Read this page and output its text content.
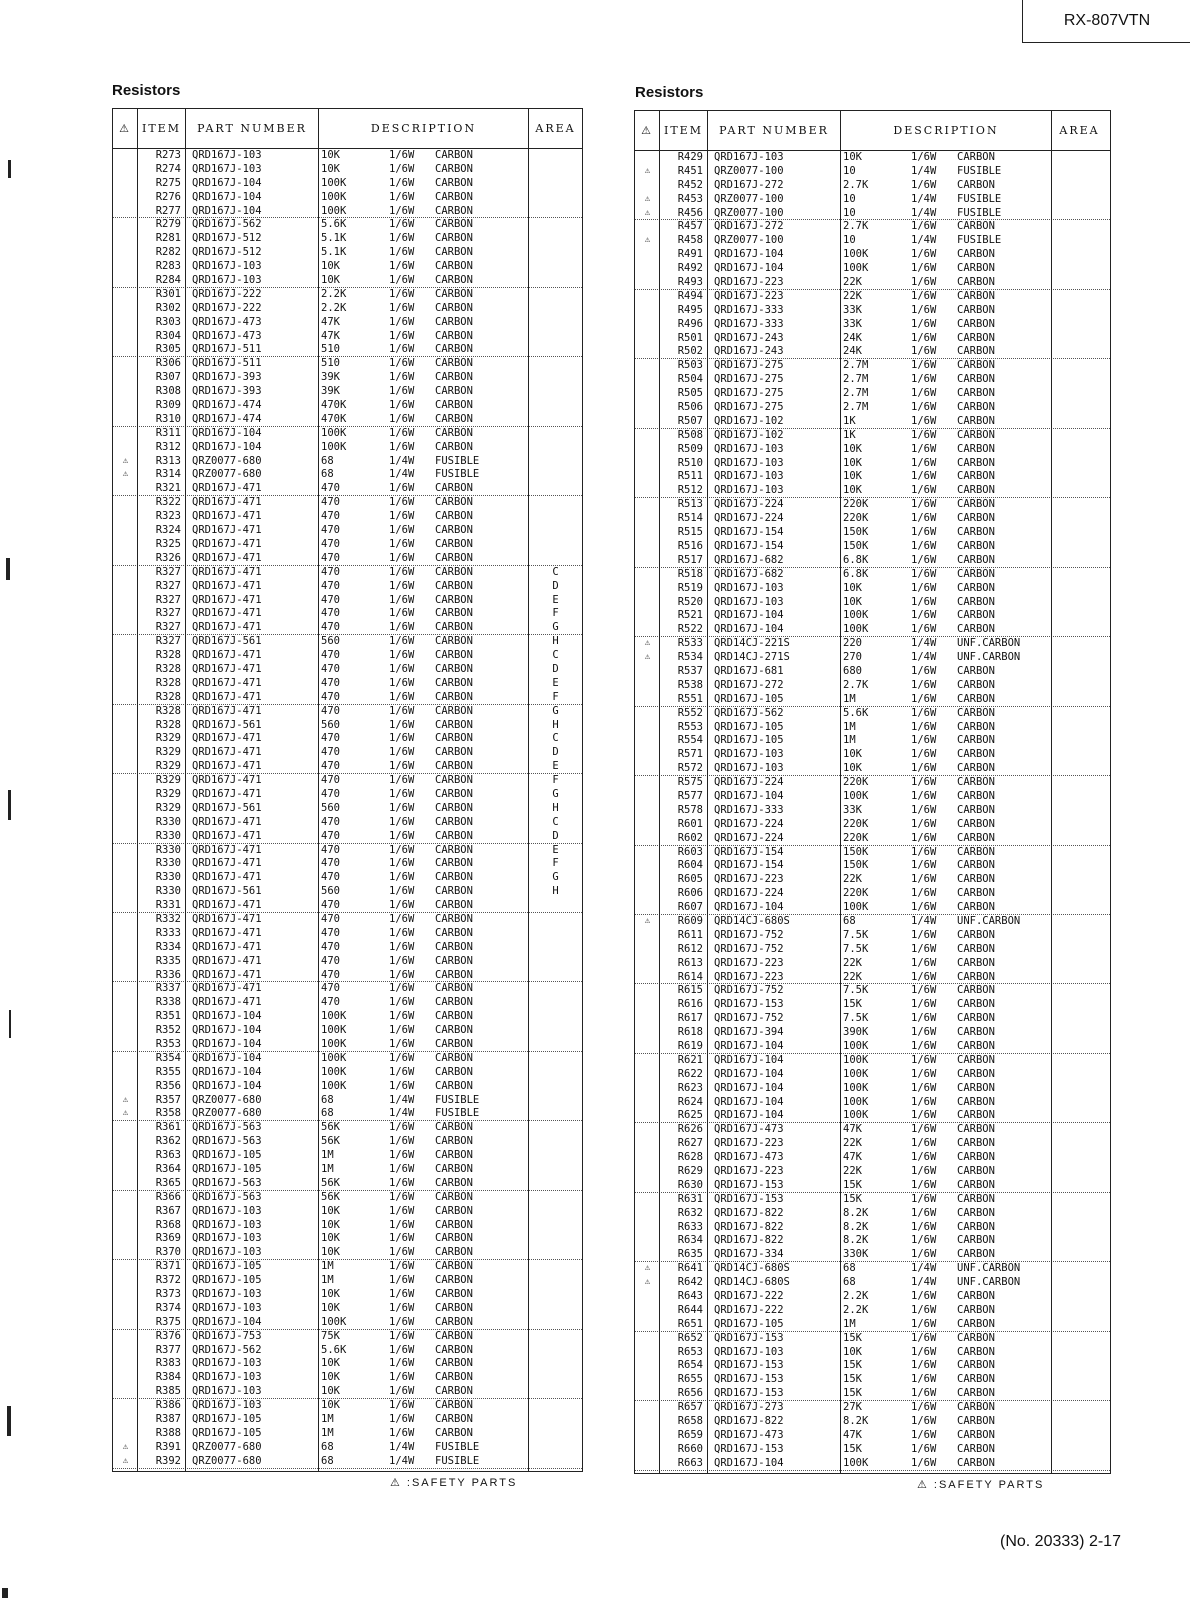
RX-807VTN
Resistors	Resistors
⚠	ITEM	PART NUMBER	DESCRIPTION	AREA
R273	QRD167J-103	10K	1/6W	CARBON
R274	QRD167J-103	10K	1/6W	CARBON
R275	QRD167J-104	100K	1/6W	CARBON
R276	QRD167J-104	100K	1/6W	CARBON
R277	QRD167J-104	100K	1/6W	CARBON
R279	QRD167J-562	5.6K	1/6W	CARBON
R281	QRD167J-512	5.1K	1/6W	CARBON
R282	QRD167J-512	5.1K	1/6W	CARBON
R283	QRD167J-103	10K	1/6W	CARBON
R284	QRD167J-103	10K	1/6W	CARBON
R301	QRD167J-222	2.2K	1/6W	CARBON
R302	QRD167J-222	2.2K	1/6W	CARBON
R303	QRD167J-473	47K	1/6W	CARBON
R304	QRD167J-473	47K	1/6W	CARBON
R305	QRD167J-511	510	1/6W	CARBON
R306	QRD167J-511	510	1/6W	CARBON
R307	QRD167J-393	39K	1/6W	CARBON
R308	QRD167J-393	39K	1/6W	CARBON
R309	QRD167J-474	470K	1/6W	CARBON
R310	QRD167J-474	470K	1/6W	CARBON
R311	QRD167J-104	100K	1/6W	CARBON
R312	QRD167J-104	100K	1/6W	CARBON
⚠	R313	QRZ0077-680	68	1/4W	FUSIBLE
⚠	R314	QRZ0077-680	68	1/4W	FUSIBLE
R321	QRD167J-471	470	1/6W	CARBON
R322	QRD167J-471	470	1/6W	CARBON
R323	QRD167J-471	470	1/6W	CARBON
R324	QRD167J-471	470	1/6W	CARBON
R325	QRD167J-471	470	1/6W	CARBON
R326	QRD167J-471	470	1/6W	CARBON
R327	QRD167J-471	470	1/6W	CARBON	C
R327	QRD167J-471	470	1/6W	CARBON	D
R327	QRD167J-471	470	1/6W	CARBON	E
R327	QRD167J-471	470	1/6W	CARBON	F
R327	QRD167J-471	470	1/6W	CARBON	G
R327	QRD167J-561	560	1/6W	CARBON	H
R328	QRD167J-471	470	1/6W	CARBON	C
R328	QRD167J-471	470	1/6W	CARBON	D
R328	QRD167J-471	470	1/6W	CARBON	E
R328	QRD167J-471	470	1/6W	CARBON	F
R328	QRD167J-471	470	1/6W	CARBON	G
R328	QRD167J-561	560	1/6W	CARBON	H
R329	QRD167J-471	470	1/6W	CARBON	C
R329	QRD167J-471	470	1/6W	CARBON	D
R329	QRD167J-471	470	1/6W	CARBON	E
R329	QRD167J-471	470	1/6W	CARBON	F
R329	QRD167J-471	470	1/6W	CARBON	G
R329	QRD167J-561	560	1/6W	CARBON	H
R330	QRD167J-471	470	1/6W	CARBON	C
R330	QRD167J-471	470	1/6W	CARBON	D
R330	QRD167J-471	470	1/6W	CARBON	E
R330	QRD167J-471	470	1/6W	CARBON	F
R330	QRD167J-471	470	1/6W	CARBON	G
R330	QRD167J-561	560	1/6W	CARBON	H
R331	QRD167J-471	470	1/6W	CARBON
R332	QRD167J-471	470	1/6W	CARBON
R333	QRD167J-471	470	1/6W	CARBON
R334	QRD167J-471	470	1/6W	CARBON
R335	QRD167J-471	470	1/6W	CARBON
R336	QRD167J-471	470	1/6W	CARBON
R337	QRD167J-471	470	1/6W	CARBON
R338	QRD167J-471	470	1/6W	CARBON
R351	QRD167J-104	100K	1/6W	CARBON
R352	QRD167J-104	100K	1/6W	CARBON
R353	QRD167J-104	100K	1/6W	CARBON
R354	QRD167J-104	100K	1/6W	CARBON
R355	QRD167J-104	100K	1/6W	CARBON
R356	QRD167J-104	100K	1/6W	CARBON
⚠	R357	QRZ0077-680	68	1/4W	FUSIBLE
⚠	R358	QRZ0077-680	68	1/4W	FUSIBLE
R361	QRD167J-563	56K	1/6W	CARBON
R362	QRD167J-563	56K	1/6W	CARBON
R363	QRD167J-105	1M	1/6W	CARBON
R364	QRD167J-105	1M	1/6W	CARBON
R365	QRD167J-563	56K	1/6W	CARBON
R366	QRD167J-563	56K	1/6W	CARBON
R367	QRD167J-103	10K	1/6W	CARBON
R368	QRD167J-103	10K	1/6W	CARBON
R369	QRD167J-103	10K	1/6W	CARBON
R370	QRD167J-103	10K	1/6W	CARBON
R371	QRD167J-105	1M	1/6W	CARBON
R372	QRD167J-105	1M	1/6W	CARBON
R373	QRD167J-103	10K	1/6W	CARBON
R374	QRD167J-103	10K	1/6W	CARBON
R375	QRD167J-104	100K	1/6W	CARBON
R376	QRD167J-753	75K	1/6W	CARBON
R377	QRD167J-562	5.6K	1/6W	CARBON
R383	QRD167J-103	10K	1/6W	CARBON
R384	QRD167J-103	10K	1/6W	CARBON
R385	QRD167J-103	10K	1/6W	CARBON
R386	QRD167J-103	10K	1/6W	CARBON
R387	QRD167J-105	1M	1/6W	CARBON
R388	QRD167J-105	1M	1/6W	CARBON
⚠	R391	QRZ0077-680	68	1/4W	FUSIBLE
⚠	R392	QRZ0077-680	68	1/4W	FUSIBLE
⚠	ITEM	PART NUMBER	DESCRIPTION	AREA
R429	QRD167J-103	10K	1/6W	CARBON
⚠	R451	QRZ0077-100	10	1/4W	FUSIBLE
R452	QRD167J-272	2.7K	1/6W	CARBON
⚠	R453	QRZ0077-100	10	1/4W	FUSIBLE
⚠	R456	QRZ0077-100	10	1/4W	FUSIBLE
R457	QRD167J-272	2.7K	1/6W	CARBON
⚠	R458	QRZ0077-100	10	1/4W	FUSIBLE
R491	QRD167J-104	100K	1/6W	CARBON
R492	QRD167J-104	100K	1/6W	CARBON
R493	QRD167J-223	22K	1/6W	CARBON
R494	QRD167J-223	22K	1/6W	CARBON
R495	QRD167J-333	33K	1/6W	CARBON
R496	QRD167J-333	33K	1/6W	CARBON
R501	QRD167J-243	24K	1/6W	CARBON
R502	QRD167J-243	24K	1/6W	CARBON
R503	QRD167J-275	2.7M	1/6W	CARBON
R504	QRD167J-275	2.7M	1/6W	CARBON
R505	QRD167J-275	2.7M	1/6W	CARBON
R506	QRD167J-275	2.7M	1/6W	CARBON
R507	QRD167J-102	1K	1/6W	CARBON
R508	QRD167J-102	1K	1/6W	CARBON
R509	QRD167J-103	10K	1/6W	CARBON
R510	QRD167J-103	10K	1/6W	CARBON
R511	QRD167J-103	10K	1/6W	CARBON
R512	QRD167J-103	10K	1/6W	CARBON
R513	QRD167J-224	220K	1/6W	CARBON
R514	QRD167J-224	220K	1/6W	CARBON
R515	QRD167J-154	150K	1/6W	CARBON
R516	QRD167J-154	150K	1/6W	CARBON
R517	QRD167J-682	6.8K	1/6W	CARBON
R518	QRD167J-682	6.8K	1/6W	CARBON
R519	QRD167J-103	10K	1/6W	CARBON
R520	QRD167J-103	10K	1/6W	CARBON
R521	QRD167J-104	100K	1/6W	CARBON
R522	QRD167J-104	100K	1/6W	CARBON
⚠	R533	QRD14CJ-221S	220	1/4W	UNF.CARBON
⚠	R534	QRD14CJ-271S	270	1/4W	UNF.CARBON
R537	QRD167J-681	680	1/6W	CARBON
R538	QRD167J-272	2.7K	1/6W	CARBON
R551	QRD167J-105	1M	1/6W	CARBON
R552	QRD167J-562	5.6K	1/6W	CARBON
R553	QRD167J-105	1M	1/6W	CARBON
R554	QRD167J-105	1M	1/6W	CARBON
R571	QRD167J-103	10K	1/6W	CARBON
R572	QRD167J-103	10K	1/6W	CARBON
R575	QRD167J-224	220K	1/6W	CARBON
R577	QRD167J-104	100K	1/6W	CARBON
R578	QRD167J-333	33K	1/6W	CARBON
R601	QRD167J-224	220K	1/6W	CARBON
R602	QRD167J-224	220K	1/6W	CARBON
R603	QRD167J-154	150K	1/6W	CARBON
R604	QRD167J-154	150K	1/6W	CARBON
R605	QRD167J-223	22K	1/6W	CARBON
R606	QRD167J-224	220K	1/6W	CARBON
R607	QRD167J-104	100K	1/6W	CARBON
⚠	R609	QRD14CJ-680S	68	1/4W	UNF.CARBON
R611	QRD167J-752	7.5K	1/6W	CARBON
R612	QRD167J-752	7.5K	1/6W	CARBON
R613	QRD167J-223	22K	1/6W	CARBON
R614	QRD167J-223	22K	1/6W	CARBON
R615	QRD167J-752	7.5K	1/6W	CARBON
R616	QRD167J-153	15K	1/6W	CARBON
R617	QRD167J-752	7.5K	1/6W	CARBON
R618	QRD167J-394	390K	1/6W	CARBON
R619	QRD167J-104	100K	1/6W	CARBON
R621	QRD167J-104	100K	1/6W	CARBON
R622	QRD167J-104	100K	1/6W	CARBON
R623	QRD167J-104	100K	1/6W	CARBON
R624	QRD167J-104	100K	1/6W	CARBON
R625	QRD167J-104	100K	1/6W	CARBON
R626	QRD167J-473	47K	1/6W	CARBON
R627	QRD167J-223	22K	1/6W	CARBON
R628	QRD167J-473	47K	1/6W	CARBON
R629	QRD167J-223	22K	1/6W	CARBON
R630	QRD167J-153	15K	1/6W	CARBON
R631	QRD167J-153	15K	1/6W	CARBON
R632	QRD167J-822	8.2K	1/6W	CARBON
R633	QRD167J-822	8.2K	1/6W	CARBON
R634	QRD167J-822	8.2K	1/6W	CARBON
R635	QRD167J-334	330K	1/6W	CARBON
⚠	R641	QRD14CJ-680S	68	1/4W	UNF.CARBON
⚠	R642	QRD14CJ-680S	68	1/4W	UNF.CARBON
R643	QRD167J-222	2.2K	1/6W	CARBON
R644	QRD167J-222	2.2K	1/6W	CARBON
R651	QRD167J-105	1M	1/6W	CARBON
R652	QRD167J-153	15K	1/6W	CARBON
R653	QRD167J-103	10K	1/6W	CARBON
R654	QRD167J-153	15K	1/6W	CARBON
R655	QRD167J-153	15K	1/6W	CARBON
R656	QRD167J-153	15K	1/6W	CARBON
R657	QRD167J-273	27K	1/6W	CARBON
R658	QRD167J-822	8.2K	1/6W	CARBON
R659	QRD167J-473	47K	1/6W	CARBON
R660	QRD167J-153	15K	1/6W	CARBON
R663	QRD167J-104	100K	1/6W	CARBON
⚠ :SAFETY PARTS	⚠ :SAFETY PARTS
(No. 20333) 2-17
